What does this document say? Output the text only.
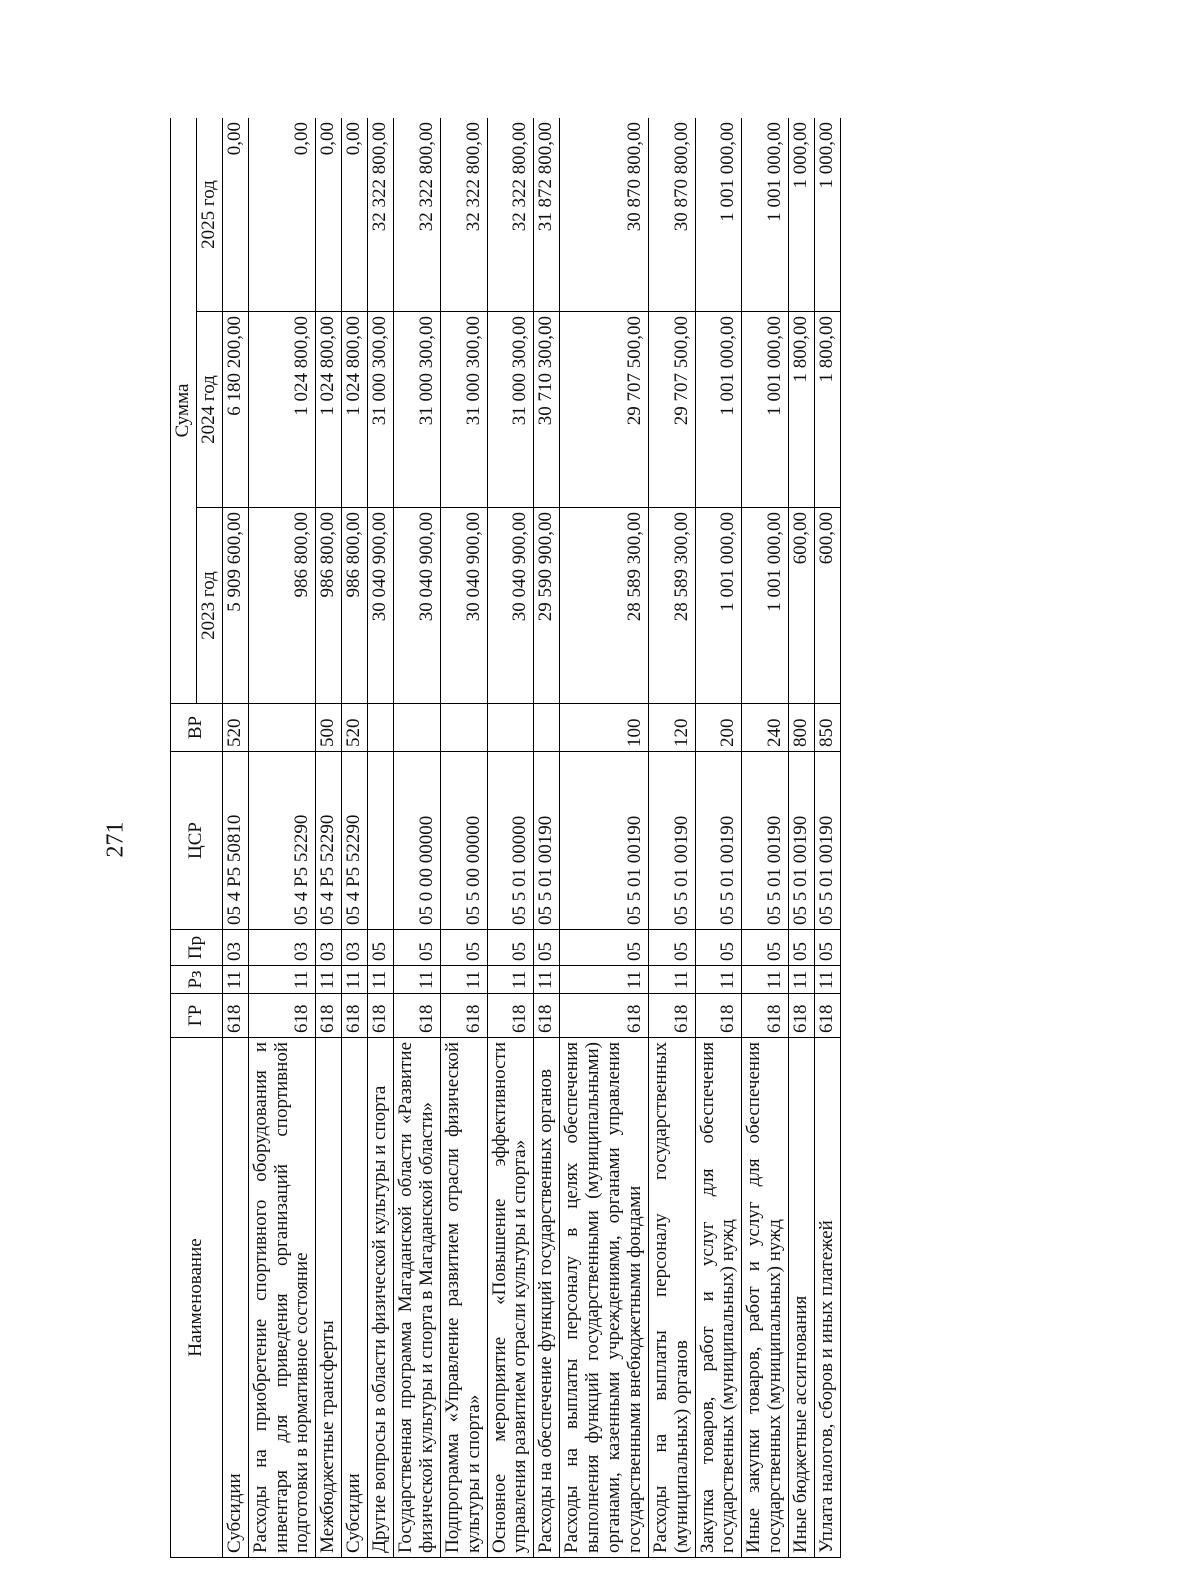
271
Наименование	ГР	Рз	Пр	ЦСР	ВР	Сумма		
						2023 год	2024 год	2025 год
Субсидии	618	11	03	05 4 P5 50810	520	5 909 600,00	6 180 200,00	0,00
Расходы на приобретение спортивного оборудования и инвентаря для приведения организаций спортивной подготовки в нормативное состояние	618	11	03	05 4 P5 52290		986 800,00	1 024 800,00	0,00
Межбюджетные трансферты	618	11	03	05 4 P5 52290	500	986 800,00	1 024 800,00	0,00
Субсидии	618	11	03	05 4 P5 52290	520	986 800,00	1 024 800,00	0,00
Другие вопросы в области физической культуры и спорта	618	11	05			30 040 900,00	31 000 300,00	32 322 800,00
Государственная программа Магаданской области «Развитие физической культуры и спорта в Магаданской области»	618	11	05	05 0 00 00000		30 040 900,00	31 000 300,00	32 322 800,00
Подпрограмма «Управление развитием отрасли физической культуры и спорта»	618	11	05	05 5 00 00000		30 040 900,00	31 000 300,00	32 322 800,00
Основное мероприятие «Повышение эффективности управления развитием отрасли культуры и спорта»	618	11	05	05 5 01 00000		30 040 900,00	31 000 300,00	32 322 800,00
Расходы на обеспечение функций государственных органов	618	11	05	05 5 01 00190		29 590 900,00	30 710 300,00	31 872 800,00
Расходы на выплаты персоналу в целях обеспечения выполнения функций государственными (муниципальными) органами, казенными учреждениями, органами управления государственными внебюджетными фондами	618	11	05	05 5 01 00190	100	28 589 300,00	29 707 500,00	30 870 800,00
Расходы на выплаты персоналу государственных (муниципальных) органов	618	11	05	05 5 01 00190	120	28 589 300,00	29 707 500,00	30 870 800,00
Закупка товаров, работ и услуг для обеспечения государственных (муниципальных) нужд	618	11	05	05 5 01 00190	200	1 001 000,00	1 001 000,00	1 001 000,00
Иные закупки товаров, работ и услуг для обеспечения государственных (муниципальных) нужд	618	11	05	05 5 01 00190	240	1 001 000,00	1 001 000,00	1 001 000,00
Иные бюджетные ассигнования	618	11	05	05 5 01 00190	800	600,00	1 800,00	1 000,00
Уплата налогов, сборов и иных платежей	618	11	05	05 5 01 00190	850	600,00	1 800,00	1 000,00
